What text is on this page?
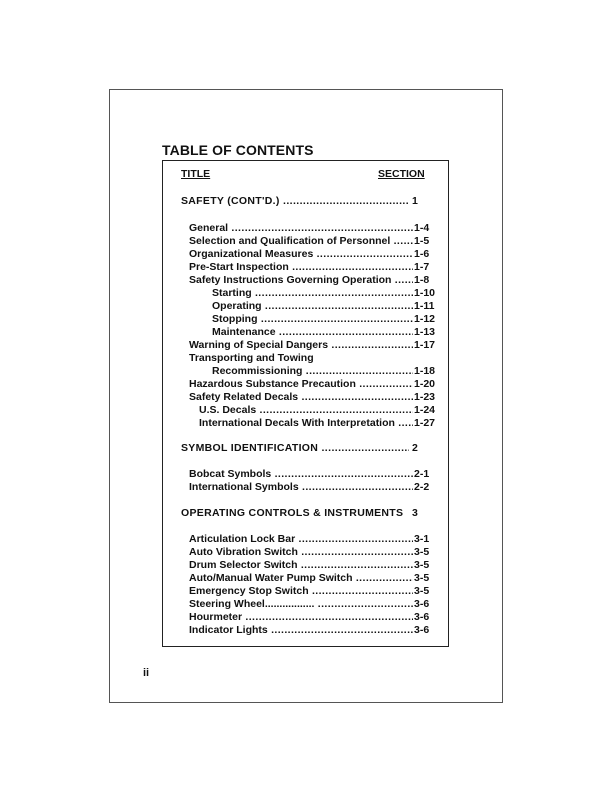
TABLE OF CONTENTS
TITLE	SECTION
SAFETY (CONT'D.) .....	1
General .....	1-4
Selection and Qualification of Personnel .....	1-5
Organizational Measures .....	1-6
Pre-Start Inspection .....	1-7
Safety Instructions Governing Operation .....	1-8
Starting .....	1-10
Operating .....	1-11
Stopping .....	1-12
Maintenance .....	1-13
Warning of Special Dangers .....	1-17
Transporting and Towing
Recommissioning .....	1-18
Hazardous Substance Precaution .....	1-20
Safety Related Decals .....	1-23
U.S. Decals .....	1-24
International Decals With Interpretation .....	1-27
SYMBOL IDENTIFICATION .....	2
Bobcat Symbols .....	2-1
International Symbols .....	2-2
OPERATING CONTROLS & INSTRUMENTS 3
Articulation Lock Bar .....	3-1
Auto Vibration Switch .....	3-5
Drum Selector Switch .....	3-5
Auto/Manual Water Pump Switch .....	3-5
Emergency Stop Switch .....	3-5
Steering Wheel................. .....	3-6
Hourmeter .....	3-6
Indicator Lights .....	3-6
ii
